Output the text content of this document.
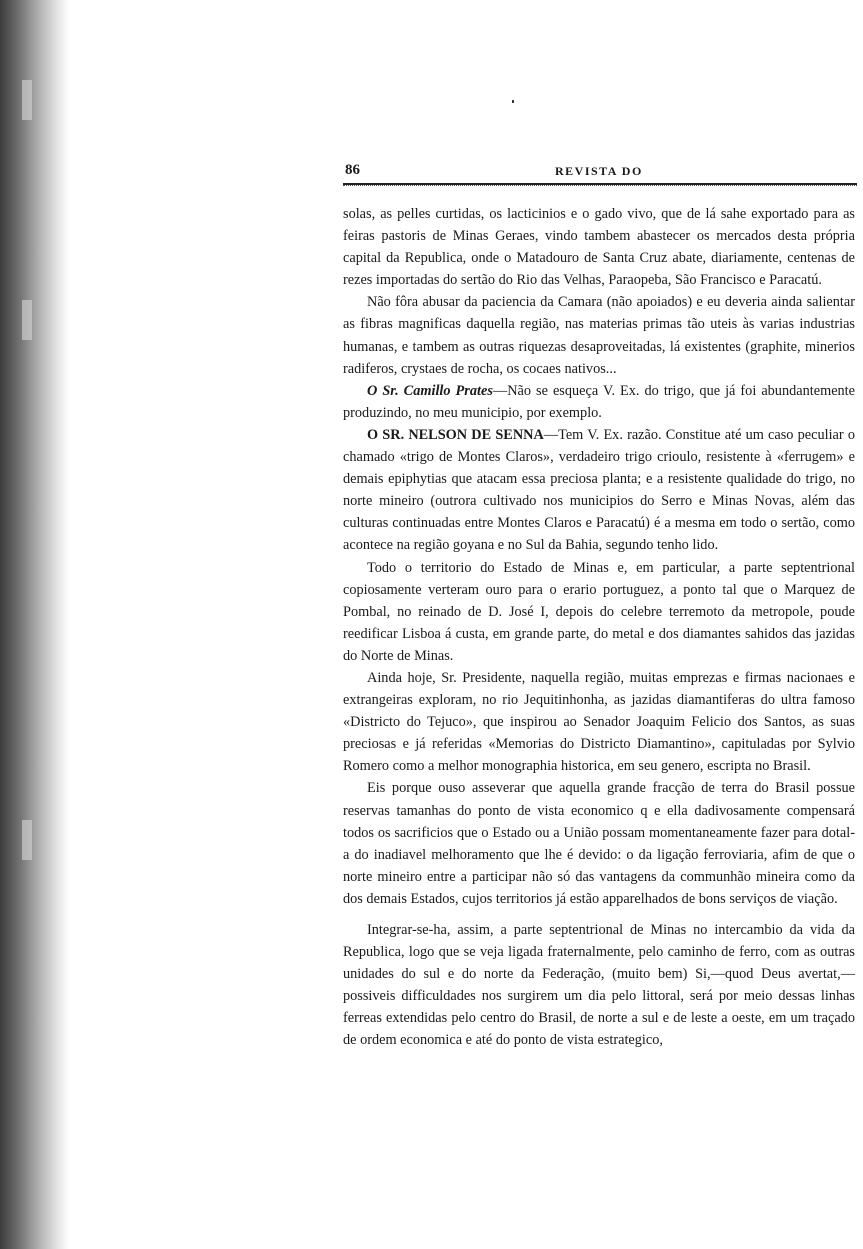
86	REVISTA DO

solas, as pelles curtidas, os lacticinios e o gado vivo, que de lá sahe exportado para as feiras pastoris de Minas Geraes, vindo tambem abastecer os mercados desta própria capital da Republica, onde o Matadouro de Santa Cruz abate, diariamente, centenas de rezes importadas do sertão do Rio das Velhas, Paraopeba, São Francisco e Paracatú.

Não fôra abusar da paciencia da Camara (não apoiados) e eu deveria ainda salientar as fibras magnificas daquella região, nas materias primas tão uteis às varias industrias humanas, e tambem as outras riquezas desaproveitadas, lá existentes (graphite, minerios radiferos, crystaes de rocha, os cocaes nativos...

O Sr. Camillo Prates—Não se esqueça V. Ex. do trigo, que já foi abundantemente produzindo, no meu municipio, por exemplo.

O SR. NELSON DE SENNA—Tem V. Ex. razão. Constitue até um caso peculiar o chamado «trigo de Montes Claros», verdadeiro trigo crioulo, resistente à «ferrugem» e demais epiphytias que atacam essa preciosa planta; e a resistente qualidade do trigo, no norte mineiro (outrora cultivado nos municipios do Serro e Minas Novas, além das culturas continuadas entre Montes Claros e Paracatú) é a mesma em todo o sertão, como acontece na região goyana e no Sul da Bahia, segundo tenho lido.

Todo o territorio do Estado de Minas e, em particular, a parte septentrional copiosamente verteram ouro para o erario portuguez, a ponto tal que o Marquez de Pombal, no reinado de D. José I, depois do celebre terremoto da metropole, poude reedificar Lisboa á custa, em grande parte, do metal e dos diamantes sahidos das jazidas do Norte de Minas.

Ainda hoje, Sr. Presidente, naquella região, muitas emprezas e firmas nacionaes e extrangeiras exploram, no rio Jequitinhonha, as jazidas diamantiferas do ultra famoso «Districto do Tejuco», que inspirou ao Senador Joaquim Felicio dos Santos, as suas preciosas e já referidas «Memorias do Districto Diamantino», capituladas por Sylvio Romero como a melhor monographia historica, em seu genero, escripta no Brasil.

Eis porque ouso asseverar que aquella grande fracção de terra do Brasil possue reservas tamanhas do ponto de vista economico q e ella dadivosamente compensará todos os sacrificios que o Estado ou a União possam momentaneamente fazer para dotal-a do inadiavel melhoramento que lhe é devido: o da ligação ferroviaria, afim de que o norte mineiro entre a participar não só das vantagens da communhão mineira como da dos demais Estados, cujos territorios já estão apparelhados de bons serviços de viação.

Integrar-se-ha, assim, a parte septentrional de Minas no intercambio da vida da Republica, logo que se veja ligada fraternalmente, pelo caminho de ferro, com as outras unidades do sul e do norte da Federação, (muito bem) Si,—quod Deus avertat,—possiveis difficuldades nos surgirem um dia pelo littoral, será por meio dessas linhas ferreas extendidas pelo centro do Brasil, de norte a sul e de leste a oeste, em um traçado de ordem economica e até do ponto de vista estrategico,
